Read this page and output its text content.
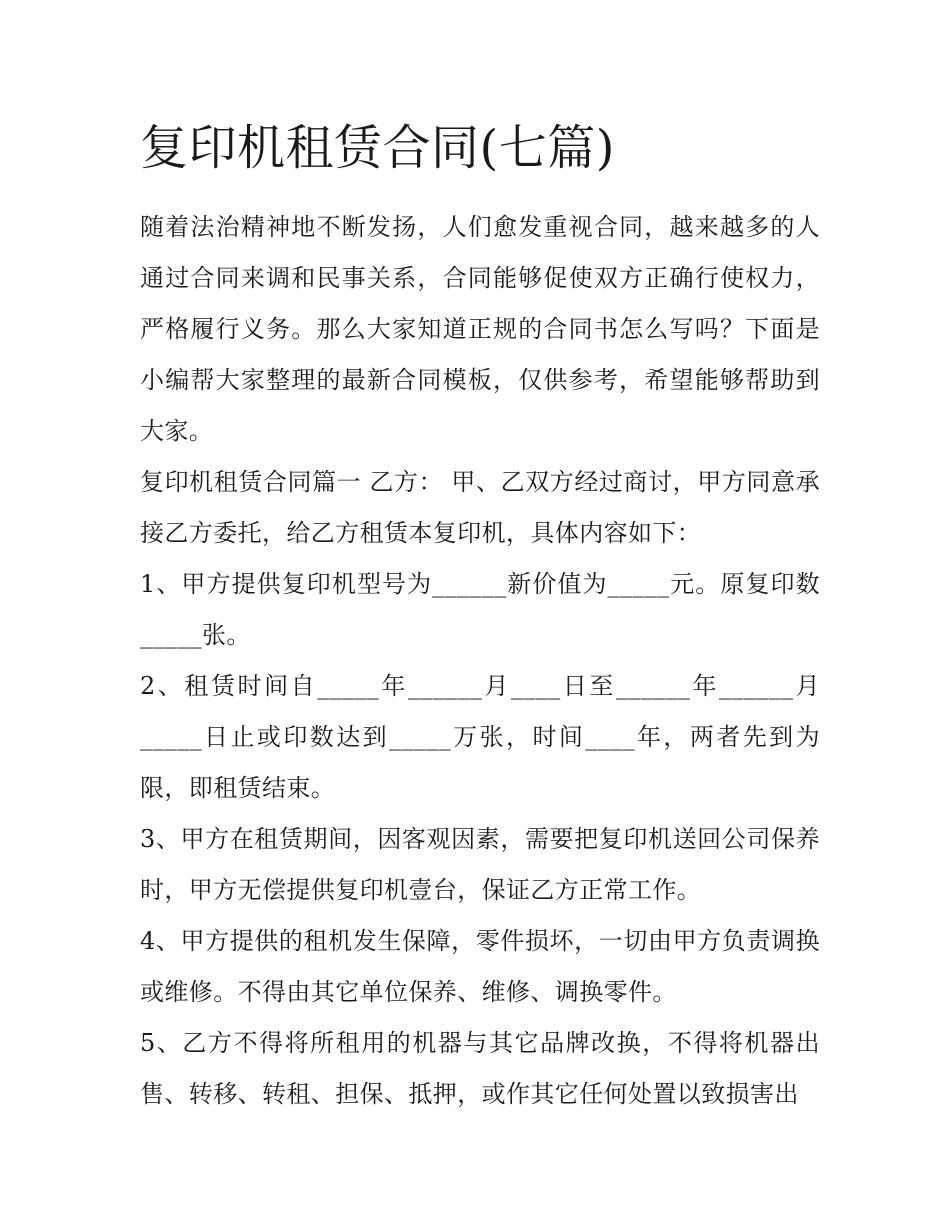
复印机租赁合同(七篇)

随着法治精神地不断发扬，人们愈发重视合同，越来越多的人通过合同来调和民事关系，合同能够促使双方正确行使权力，严格履行义务。那么大家知道正规的合同书怎么写吗？下面是小编帮大家整理的最新合同模板，仅供参考，希望能够帮助到大家。

复印机租赁合同篇一 乙方： 甲、乙双方经过商讨，甲方同意承接乙方委托，给乙方租赁本复印机，具体内容如下：

1、甲方提供复印机型号为______新价值为_____元。原复印数_____张。

2、租赁时间自_____年______月____日至______年______月_____日止或印数达到_____万张，时间____年，两者先到为限，即租赁结束。

3、甲方在租赁期间，因客观因素，需要把复印机送回公司保养时，甲方无偿提供复印机壹台，保证乙方正常工作。

4、甲方提供的租机发生保障，零件损坏，一切由甲方负责调换或维修。不得由其它单位保养、维修、调换零件。

5、乙方不得将所租用的机器与其它品牌改换，不得将机器出售、转移、转租、担保、抵押，或作其它任何处置以致损害出
